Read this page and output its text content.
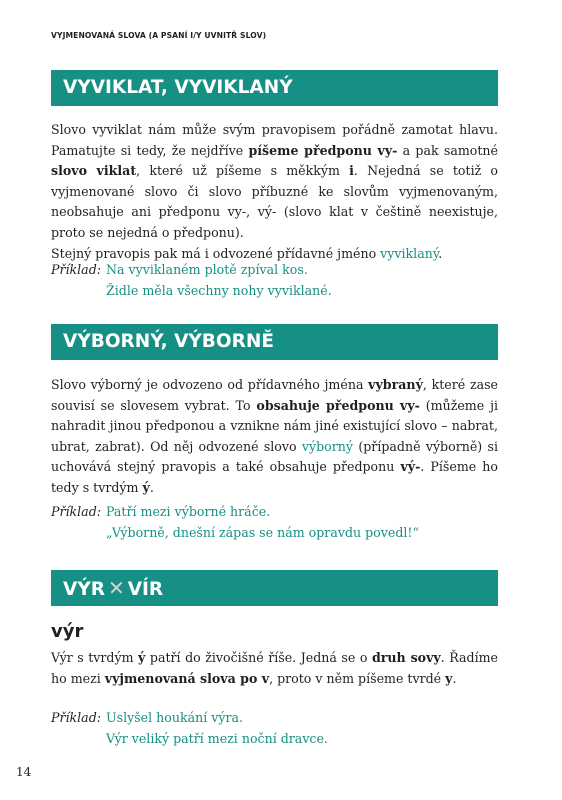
VYJMENOVANÁ SLOVA (A PSANÍ I/Y UVNITŘ SLOV)
VYVIKLAT, VYVIKLANÝ

Slovo vyviklat nám může svým pravopisem pořádně zamotat hlavu. Pamatujte si tedy, že nejdříve píšeme předponu vy- a pak samotné slovo viklat, které už píšeme s měkkým i. Nejedná se totiž o vyjmenované slovo či slovo příbuzné ke slovům vyjmenovaným, neobsahuje ani předponu vy-, vý- (slovo klat v češtině neexistuje, proto se nejedná o předponu).

Stejný pravopis pak má i odvozené přídavné jméno vyviklaný.

Příklad: Na vyviklaném plotě zpíval kos.
Židle měla všechny nohy vyviklané.
VÝBORNÝ, VÝBORNĚ

Slovo výborný je odvozeno od přídavného jména vybraný, které zase souvisí se slovesem vybrat. To obsahuje předponu vy- (můžeme ji nahradit jinou předponou a vznikne nám jiné existující slovo – nabrat, ubrat, zabrat). Od něj odvozené slovo výborný (případně výborně) si uchovává stejný pravopis a také obsahuje předponu vý-. Píšeme ho tedy s tvrdým ý.

Příklad: Patří mezi výborné hráče.
„Výborně, dnešní zápas se nám opravdu povedl!“
VÝR ✕ VÍR
výr

Výr s tvrdým ý patří do živočišné říše. Jedná se o druh sovy. Řadíme ho mezi vyjmenovaná slova po v, proto v něm píšeme tvrdé y.

Příklad: Uslyšel houkání výra.
Výr veliký patří mezi noční dravce.
14
